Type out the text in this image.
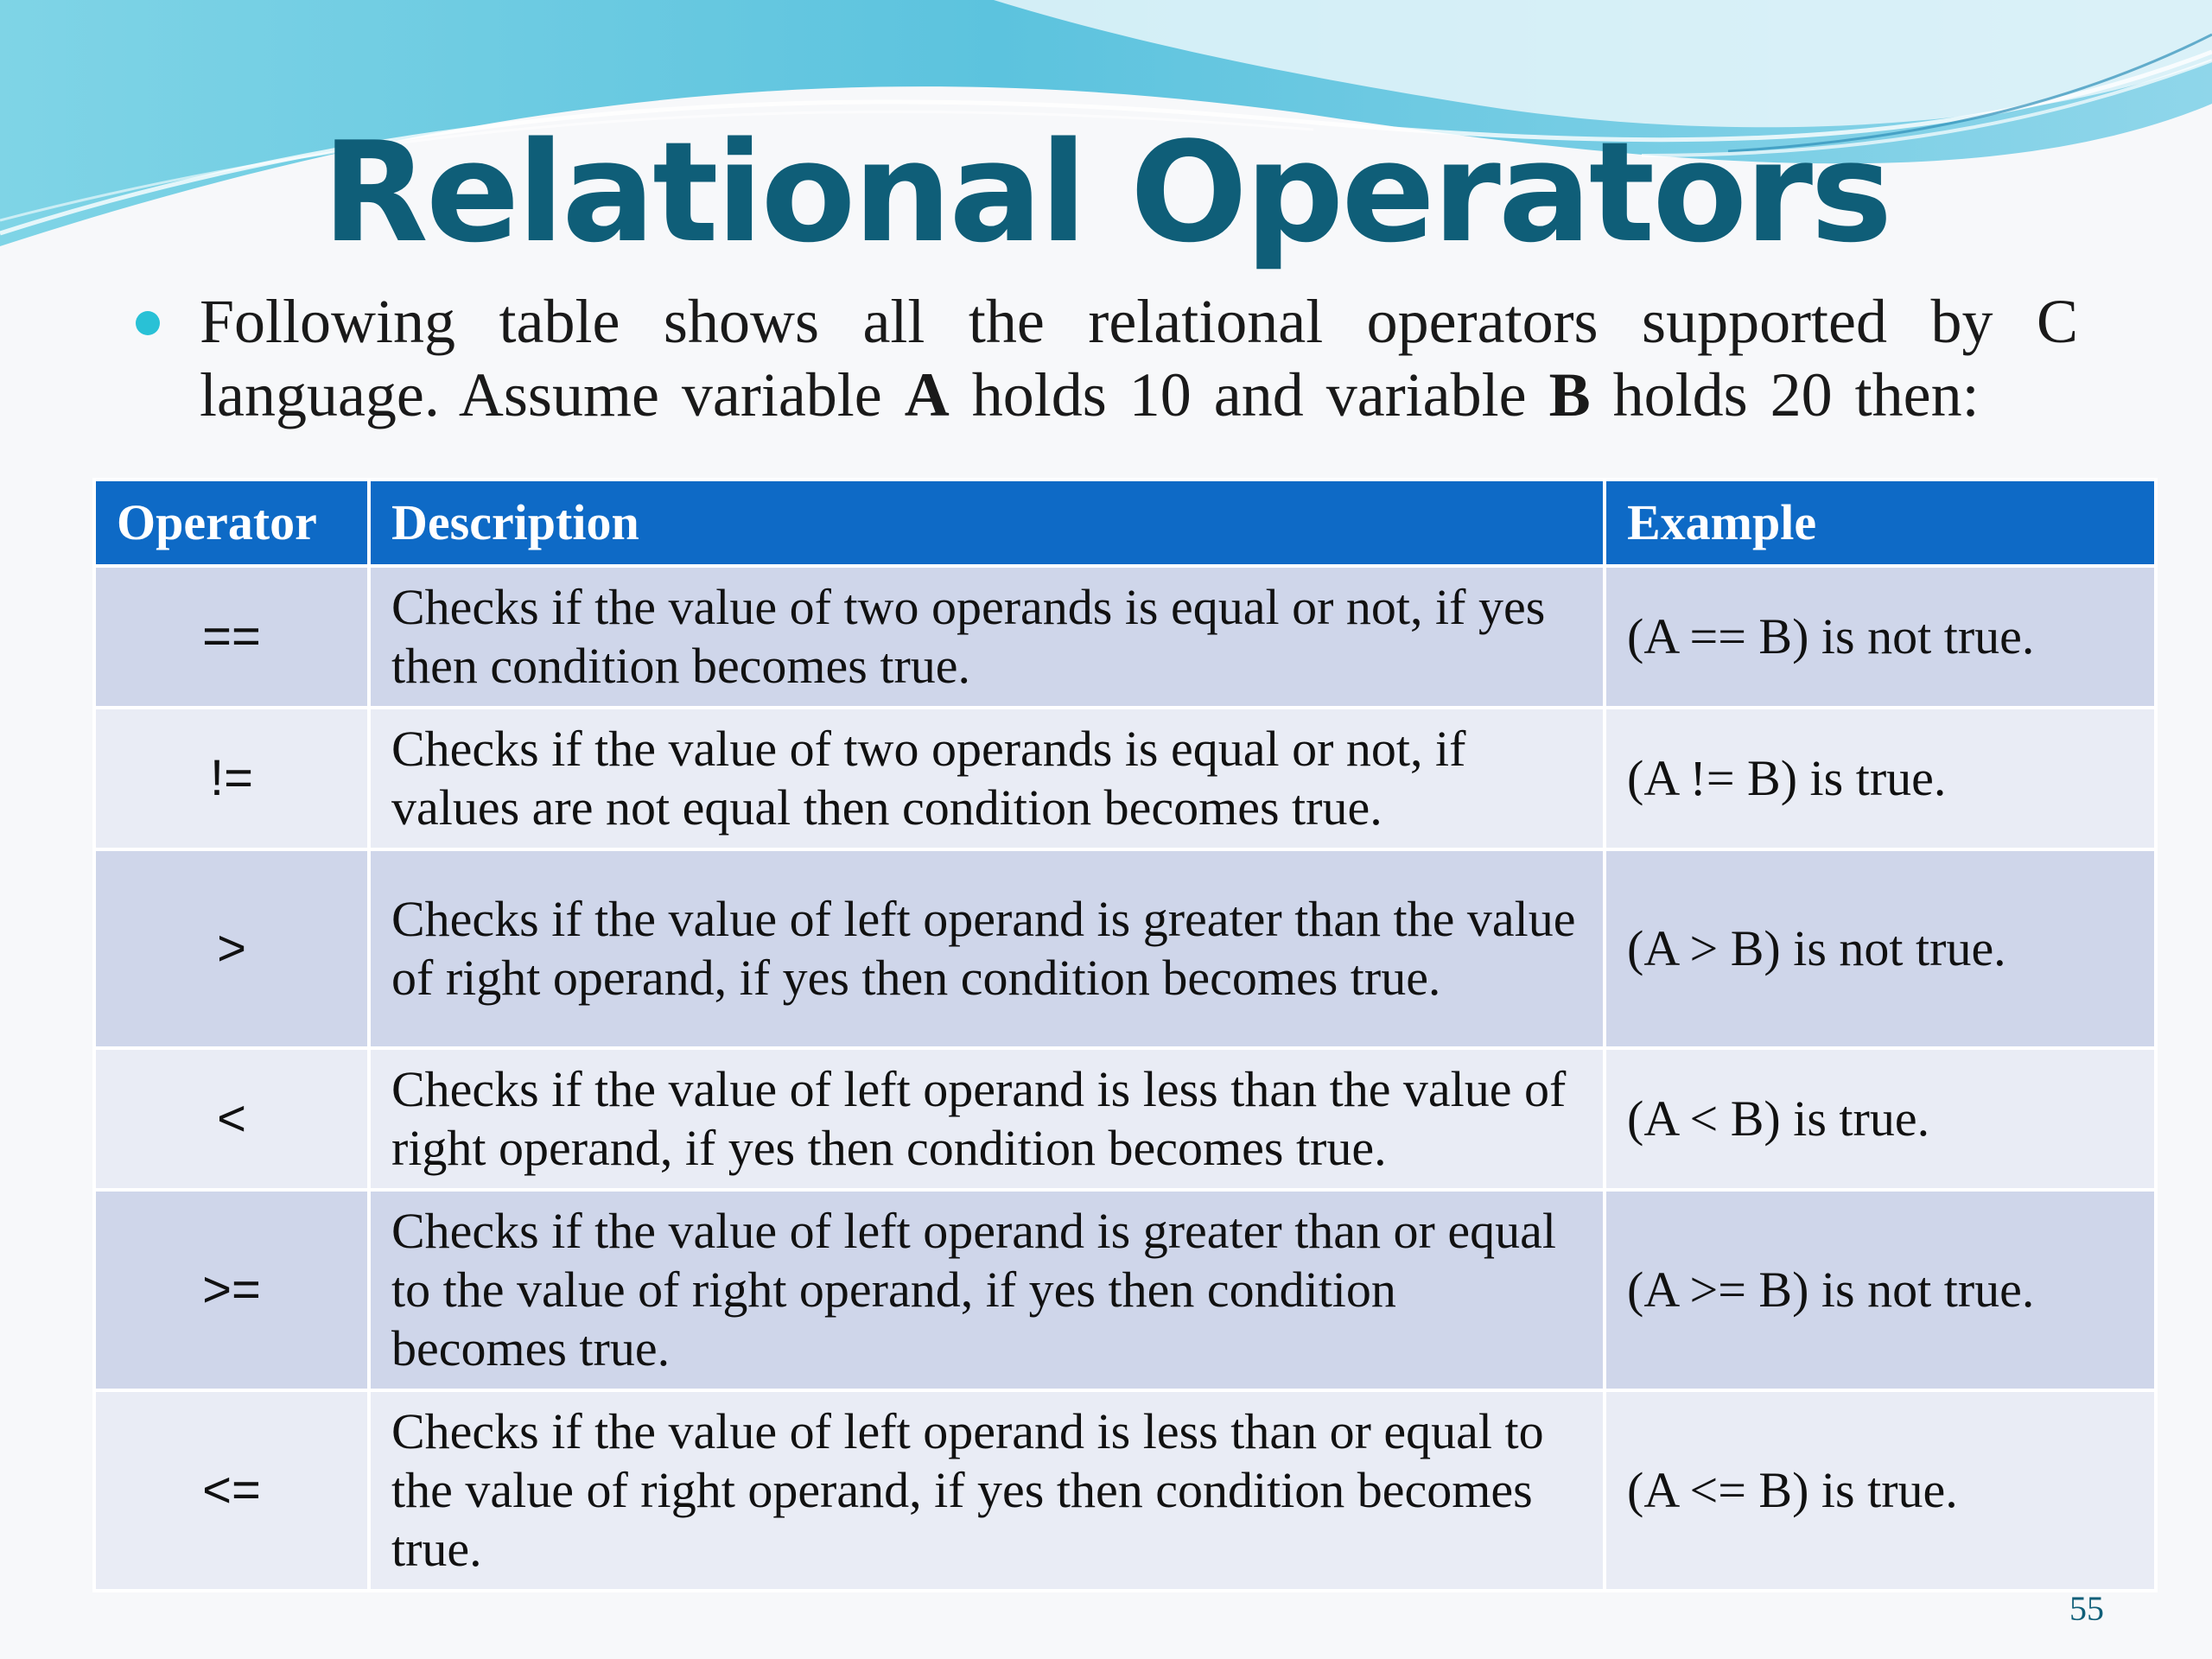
Relational Operators
Following table shows all the relational operators supported by C language. Assume variable A holds 10 and variable B holds 20 then:
Operator	Description	Example
==	Checks if the value of two operands is equal or not, if yes then condition becomes true.	(A == B) is not true.
!=	Checks if the value of two operands is equal or not, if values are not equal then condition becomes true.	(A != B) is true.
>	Checks if the value of left operand is greater than the value of right operand, if yes then condition becomes true.	(A > B) is not true.
<	Checks if the value of left operand is less than the value of right operand, if yes then condition becomes true.	(A < B) is true.
>=	Checks if the value of left operand is greater than or equal to the value of right operand, if yes then condition becomes true.	(A >= B) is not true.
<=	Checks if the value of left operand is less than or equal to the value of right operand, if yes then condition becomes true.	(A <= B) is true.
55
